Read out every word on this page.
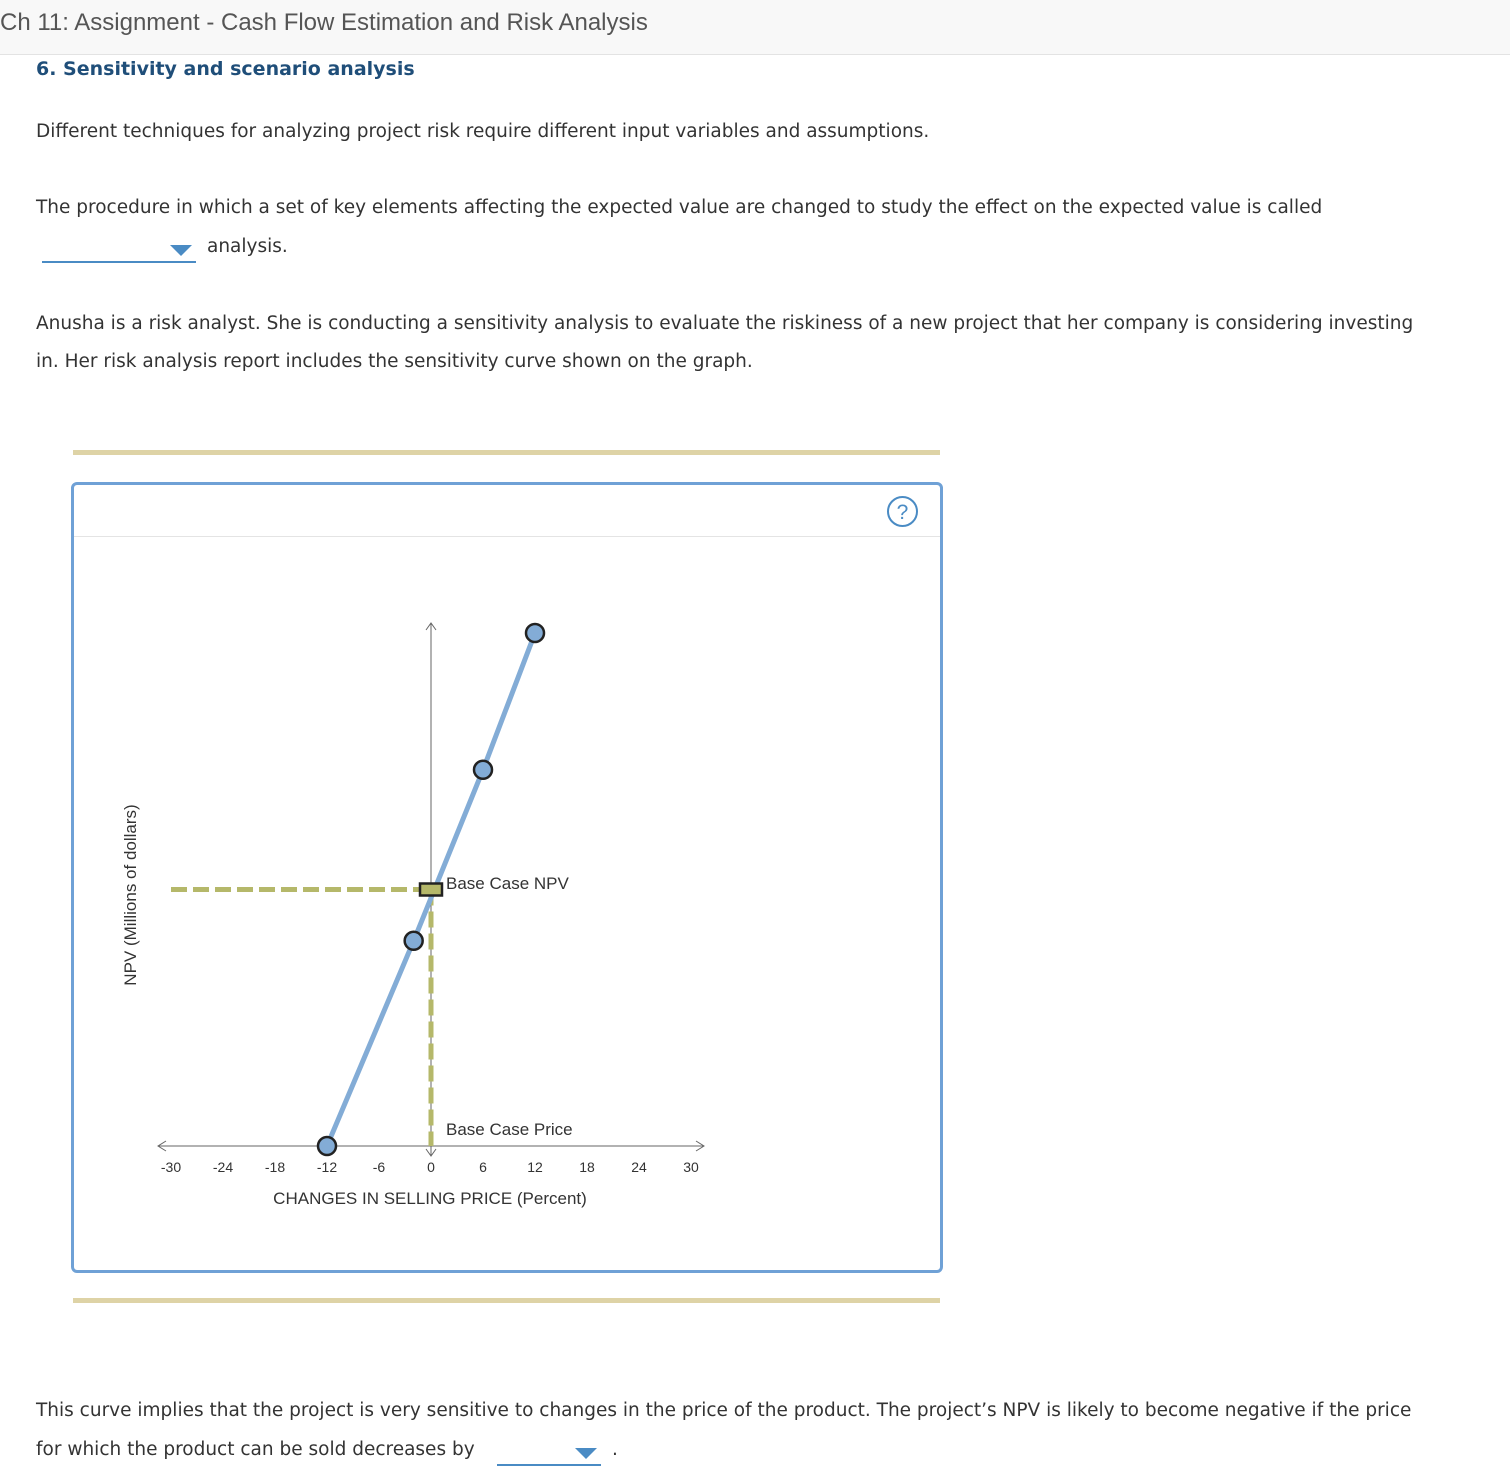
Ch 11: Assignment - Cash Flow Estimation and Risk Analysis
6. Sensitivity and scenario analysis
Different techniques for analyzing project risk require different input variables and assumptions.
The procedure in which a set of key elements affecting the expected value are changed to study the effect on the expected value is called
analysis.
Anusha is a risk analyst. She is conducting a sensitivity analysis to evaluate the riskiness of a new project that her company is considering investing
in. Her risk analysis report includes the sensitivity curve shown on the graph.
?
-30 -24 -18 -12	-6	0	6	12	18	24	30
CHANGES IN SELLING PRICE (Percent)
NPV (Millions of dollars)	Base Case NPV
Base Case Price
This curve implies that the project is very sensitive to changes in the price of the product. The project’s NPV is likely to become negative if the price
for which the product can be sold decreases by	.
